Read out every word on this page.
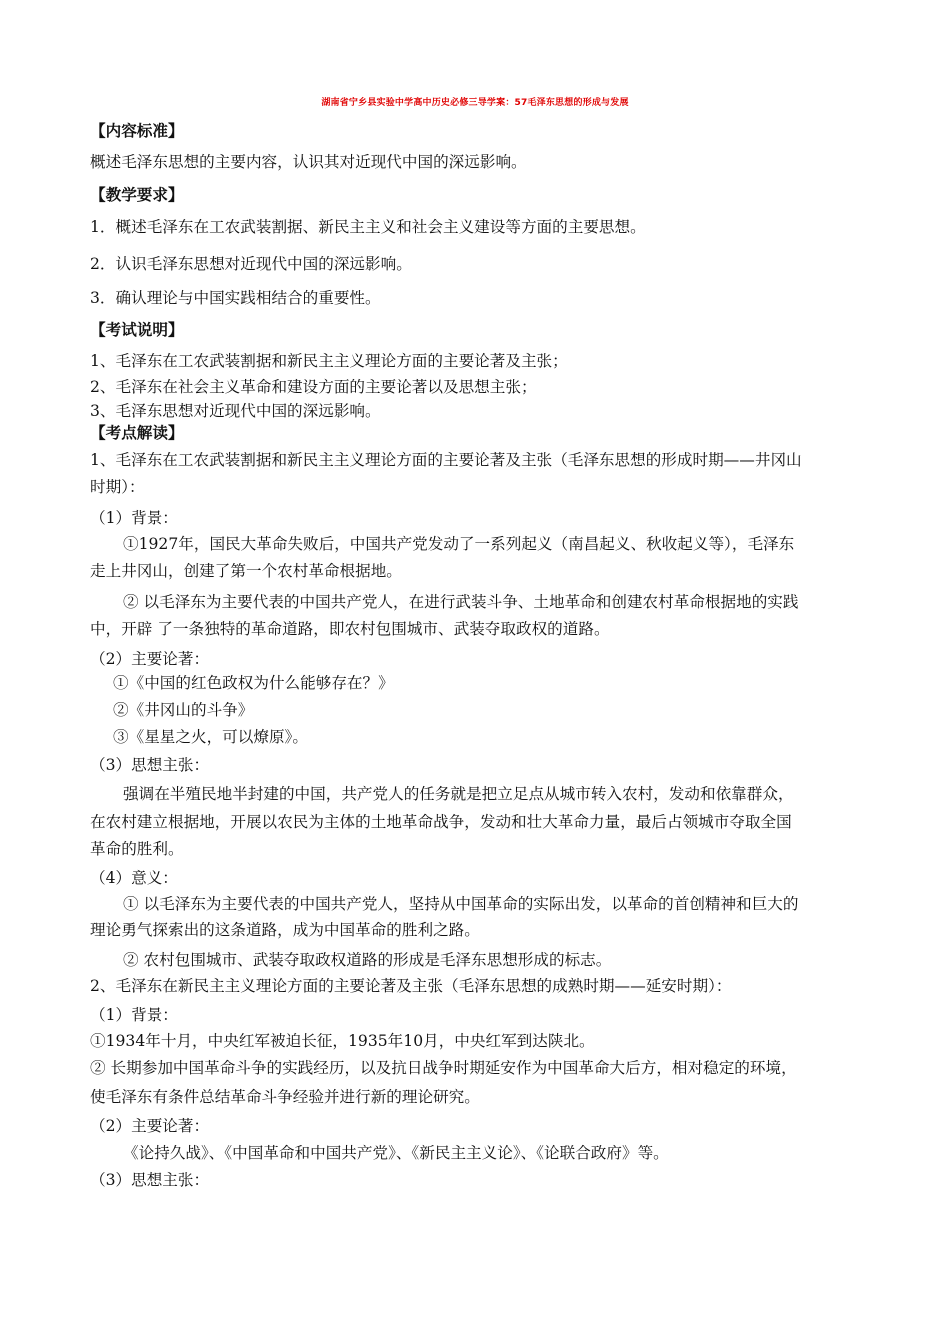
湖南省宁乡县实验中学高中历史必修三导学案：57毛泽东思想的形成与发展
【内容标准】
概述毛泽东思想的主要内容，认识其对近现代中国的深远影响。
【教学要求】
1．概述毛泽东在工农武装割据、新民主主义和社会主义建设等方面的主要思想。
2．认识毛泽东思想对近现代中国的深远影响。
3．确认理论与中国实践相结合的重要性。
【考试说明】
1、毛泽东在工农武装割据和新民主主义理论方面的主要论著及主张；
2、毛泽东在社会主义革命和建设方面的主要论著以及思想主张；
3、毛泽东思想对近现代中国的深远影响。
【考点解读】
1、毛泽东在工农武装割据和新民主主义理论方面的主要论著及主张（毛泽东思想的形成时期——井冈山
时期）：
（1）背景：
①1927年，国民大革命失败后，中国共产党发动了一系列起义（南昌起义、秋收起义等），毛泽东
走上井冈山，创建了第一个农村革命根据地。
② 以毛泽东为主要代表的中国共产党人，在进行武装斗争、土地革命和创建农村革命根据地的实践
中，开辟 了一条独特的革命道路，即农村包围城市、武装夺取政权的道路。
（2）主要论著：
①《中国的红色政权为什么能够存在？》
②《井冈山的斗争》
③《星星之火，可以燎原》。
（3）思想主张：
强调在半殖民地半封建的中国，共产党人的任务就是把立足点从城市转入农村，发动和依靠群众，
在农村建立根据地，开展以农民为主体的土地革命战争，发动和壮大革命力量，最后占领城市夺取全国
革命的胜利。
（4）意义：
① 以毛泽东为主要代表的中国共产党人，坚持从中国革命的实际出发，以革命的首创精神和巨大的
理论勇气探索出的这条道路，成为中国革命的胜利之路。
② 农村包围城市、武装夺取政权道路的形成是毛泽东思想形成的标志。
2、毛泽东在新民主主义理论方面的主要论著及主张（毛泽东思想的成熟时期——延安时期）：
（1）背景：
①1934年十月，中央红军被迫长征，1935年10月，中央红军到达陕北。
② 长期参加中国革命斗争的实践经历，以及抗日战争时期延安作为中国革命大后方，相对稳定的环境，
使毛泽东有条件总结革命斗争经验并进行新的理论研究。
（2）主要论著：
《论持久战》、《中国革命和中国共产党》、《新民主主义论》、《论联合政府》等。
（3）思想主张：
